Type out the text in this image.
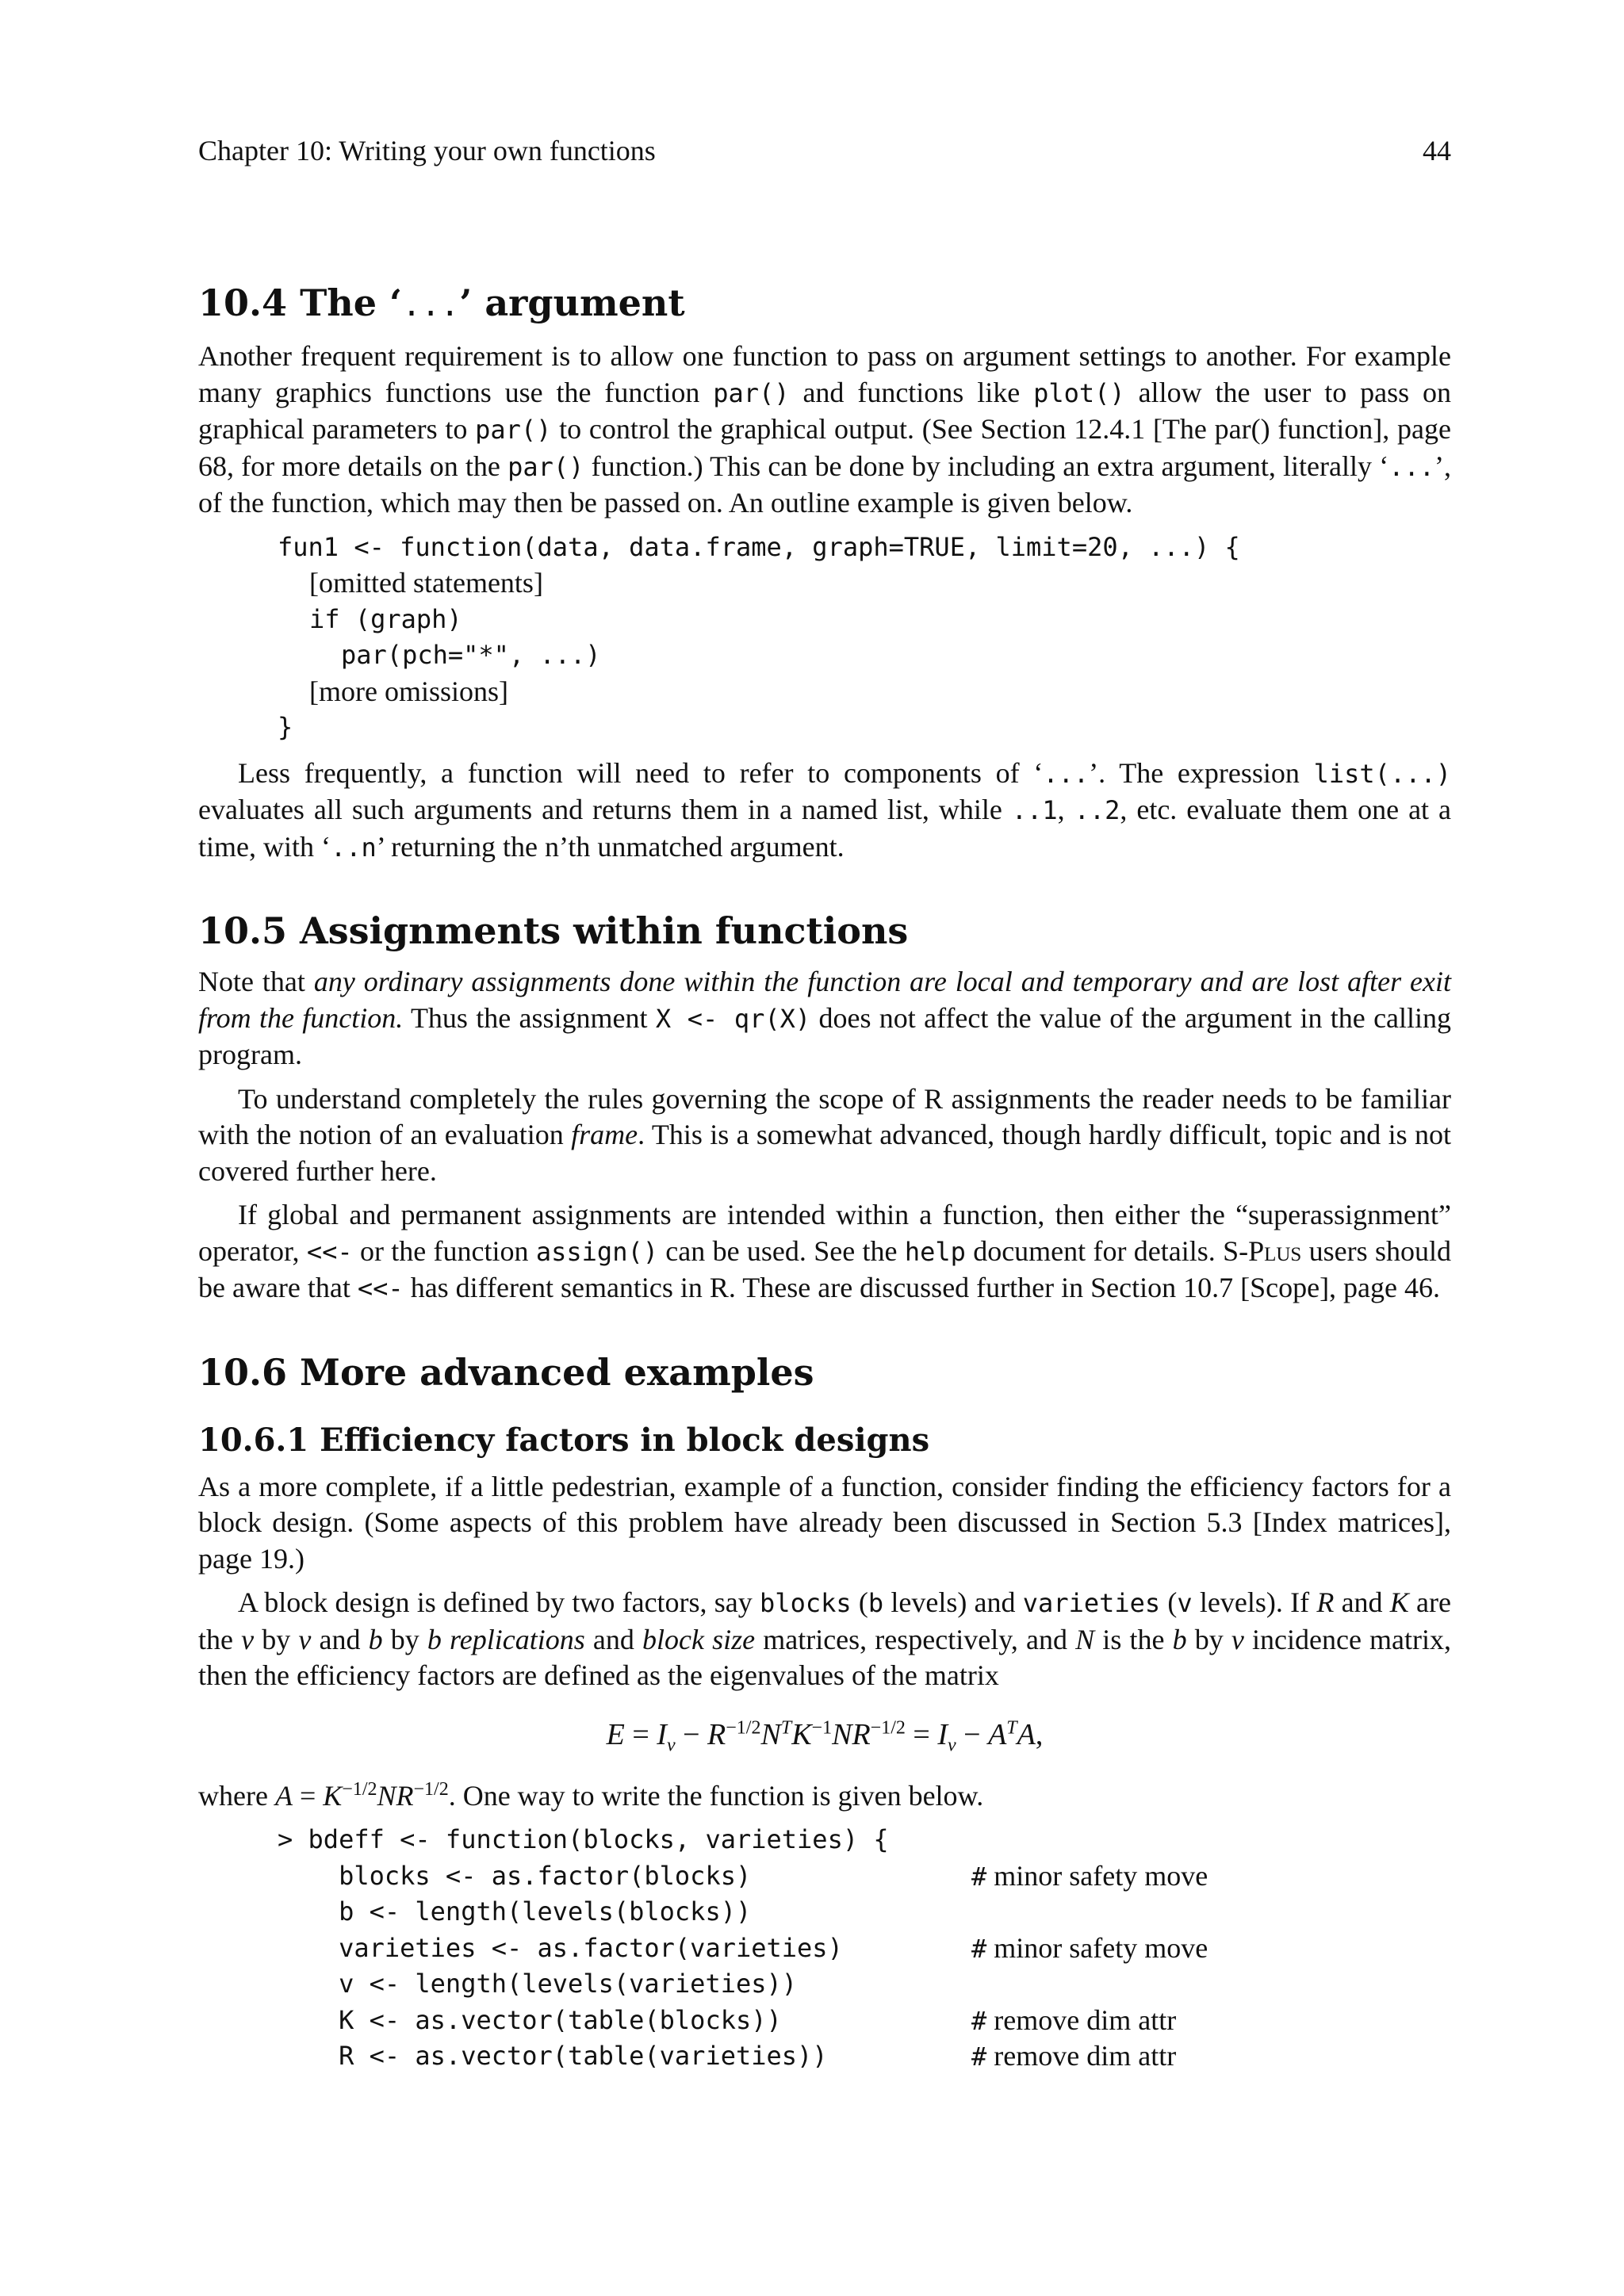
Chapter 10: Writing your own functions	44
10.4 The ‘...’ argument

Another frequent requirement is to allow one function to pass on argument settings to another. For example many graphics functions use the function par() and functions like plot() allow the user to pass on graphical parameters to par() to control the graphical output. (See Section 12.4.1 [The par() function], page 68, for more details on the par() function.) This can be done by including an extra argument, literally ‘...’, of the function, which may then be passed on. An outline example is given below.

fun1 <- function(data, data.frame, graph=TRUE, limit=20, ...) {
[omitted statements]
if (graph)
par(pch="*", ...)
[more omissions]
}

Less frequently, a function will need to refer to components of ‘...’. The expression list(...) evaluates all such arguments and returns them in a named list, while ..1, ..2, etc. evaluate them one at a time, with ‘..n’ returning the n’th unmatched argument.

10.5 Assignments within functions

Note that any ordinary assignments done within the function are local and temporary and are lost after exit from the function. Thus the assignment X <- qr(X) does not affect the value of the argument in the calling program.

To understand completely the rules governing the scope of R assignments the reader needs to be familiar with the notion of an evaluation frame. This is a somewhat advanced, though hardly difficult, topic and is not covered further here.

If global and permanent assignments are intended within a function, then either the “superassignment” operator, <<- or the function assign() can be used. See the help document for details. S-Plus users should be aware that <<- has different semantics in R. These are discussed further in Section 10.7 [Scope], page 46.

10.6 More advanced examples
10.6.1 Efficiency factors in block designs

As a more complete, if a little pedestrian, example of a function, consider finding the efficiency factors for a block design. (Some aspects of this problem have already been discussed in Section 5.3 [Index matrices], page 19.)

A block design is defined by two factors, say blocks (b levels) and varieties (v levels). If R and K are the v by v and b by b replications and block size matrices, respectively, and N is the b by v incidence matrix, then the efficiency factors are defined as the eigenvalues of the matrix

$E = I_v - R^{-1/2}N^TK^{-1}NR^{-1/2} = I_v - A^TA$,

where $A = K^{-1/2}NR^{-1/2}$. One way to write the function is given below.

> bdeff <- function(blocks, varieties) {
blocks <- as.factor(blocks)	# minor safety move
b <- length(levels(blocks))
varieties <- as.factor(varieties)	# minor safety move
v <- length(levels(varieties))
K <- as.vector(table(blocks))	# remove dim attr
R <- as.vector(table(varieties))	# remove dim attr
